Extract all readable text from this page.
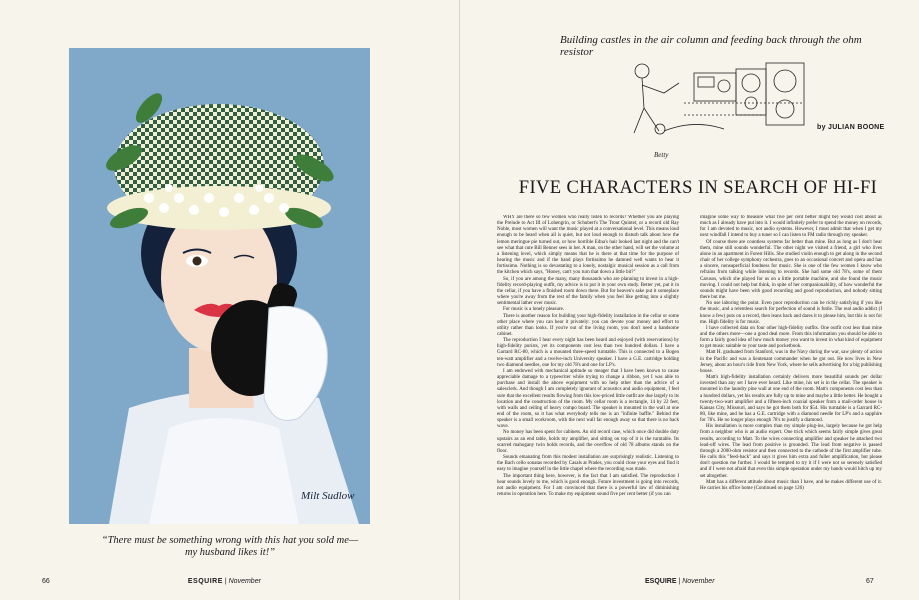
Milt Sudlow
“There must be something wrong with this hat you sold me—
my husband likes it!”
66	ESQUIRE | November
Building castles in the air column and feeding back through the ohm resistor
Betty
by JULIAN BOONE
FIVE CHARACTERS IN SEARCH OF HI-FI

WHY are there so few women who really listen to records? Whether you are playing the Prelude to Act III of Lohengrin, or Schubert's The Trout Quintet, or a record old Ray Noble, most women will want the music played at a conversational level. This means loud enough to be heard when all is quiet, but not loud enough to disturb talk about how the lemon meringue pie turned out, or how horrible Edna's hair looked last night and the can't see what that cute Bill Benner sees in her. A man, on the other hand, will set the volume at a listening level, which simply means that he is there at that time for the purpose of hearing the music and if the band plays fortissimo he damned well wants to hear it fortissimo. Nothing is so devastating to a lonely, nostalgic musical session as a call from the kitchen which says, "Honey, can't you turn that down a little bit?"

So, if you are among the many, many thousands who are planning to invest in a high-fidelity record-playing outfit, my advice is to put it in your own study. Better yet, put it in the cellar, if you have a finished room down there. But for heaven's sake put it someplace where you're away from the rest of the family when you feel like getting into a slightly sentimental lather over music.

For music is a lonely pleasure.

There is another reason for building your high-fidelity installation in the cellar or some other place where you can hear it privately: you can devote your money and effort to utility rather than looks. If you're out of the living room, you don't need a handsome cabinet.

The reproduction I hear every night has been heard and enjoyed (with reservations) by high-fidelity purists, yet its components cost less than two hundred dollars. I have a Garrard RC-80, which is a mounted three-speed turntable. This is connected to a Bogen ten-watt amplifier and a twelve-inch University speaker. I have a G.E. cartridge holding two diamond needles, one for my old 78's and one for LP's.

I am endowed with mechanical aptitude so meager that I have been known to cause appreciable damage to a typewriter while trying to change a ribbon, yet I was able to purchase and install the above equipment with no help other than the advice of a salesclerk. And though I am completely ignorant of acoustics and audio equipment, I feel sure that the excellent results flowing from this low-priced little outfit are due largely to its location and the construction of the room. My cellar room is a rectangle, 14 by 22 feet, with walls and ceiling of heavy compo board. The speaker is mounted in the wall at one end of the room, so it has what everybody tells me is an "infinite baffle." Behind the speaker is a small workroom, with the next wall far enough away so that there is no back wave.

No money has been spent for cabinets. An old record case, which once did double duty upstairs as an end table, holds my amplifier, and sitting on top of it is the turntable. Its scarred mahogany twin holds records, and the overflow of old 78 albums stands on the floor.

Sounds emanating from this modest installation are surprisingly realistic. Listening to the Bach cello sonatas recorded by Casals at Prades, you could close your eyes and find it easy to imagine yourself in the little chapel where the recording was made.

The important thing here, however, is the fact that I am satisfied. The reproduction I hear sounds lovely to me, which is good enough. Future investment is going into records, not audio equipment. For I am convinced that there is a powerful law of diminishing returns in operation here. To make my equipment sound five per cent better (if you can

imagine some way to measure what five per cent better might be) would cost about as much as I already have put into it. I would infinitely prefer to spend the money on records, for I am devoted to music, not audio systems. However, I must admit that when I get my next windfall I intend to buy a tuner so I can listen to FM radio through my speaker.

Of course there are countless systems far better than mine. But as long as I don't hear them, mine still sounds wonderful. The other night we visited a friend, a girl who lives alone in an apartment in Forest Hills. She studied violin enough to get along in the second chair of her college symphony orchestra, goes to an occasional concert and opera and has a sincere, nonsuperficial fondness for music. She is one of the few women I know who refrains from talking while listening to records. She had some old 78's, some of them Carusos, which she played for us on a little portable machine, and she found the music moving. I could not help but think, in spite of her companionability, of how wonderful the sounds might have been with good recording and good reproduction, and nobody sitting there but me.

No use laboring the point. Even poor reproduction can be richly satisfying if you like the music, and a relentless search for perfection of sound is futile. The real audio addict (I know a few) puts on a record, then leans back and dares it to please him, but this is not for me. High fidelity is for music.

I have collected data on four other high-fidelity outfits. One outfit cost less than mine and the others more—one a good deal more. From this information you should be able to form a fairly good idea of how much money you want to invest in what kind of equipment to get music suitable to your taste and pocketbook.

Matt H. graduated from Stanford, was in the Navy during the war, saw plenty of action in the Pacific and was a lieutenant commander when he got out. He now lives in New Jersey, about an hour's ride from New York, where he sells advertising for a big publishing house.

Matt's high-fidelity installation certainly delivers more beautiful sounds per dollar invested than any set I have ever heard. Like mine, his set is in the cellar. The speaker is mounted in the laundry pine wall at one end of the room. Matt's components cost less than a hundred dollars, yet his results are fully up to mine and maybe a little better. He bought a twenty-two-watt amplifier and a fifteen-inch coaxial speaker from a mail-order house in Kansas City, Missouri, and says he got them both for $54. His turntable is a Garrard RC-80, like mine, and he has a G.E. cartridge with a diamond needle for LP's and a sapphire for 78's. He no longer plays enough 78's to justify a diamond.

His installation is more complex than my simple plug-ins, largely because he got help from a neighbor who is an audio expert. One trick which seems fairly simple gives great results, according to Matt. To the wires connecting amplifier and speaker he attached two lead-off wires. The lead from positive is grounded. The lead from negative is passed through a 2000-ohm resistor and then connected to the cathode of the first amplifier tube. He calls this "feed-back" and says it gives him extra and fuller amplification, but please don't question me further. I would be tempted to try it if I were not so serenely satisfied and if I were not afraid that even this simple operation under my hands would hitch up my set altogether.

Matt has a different attitude about music than I have, and he makes different use of it. He carries his office home (Continued on page 126)

ESQUIRE | November	67
